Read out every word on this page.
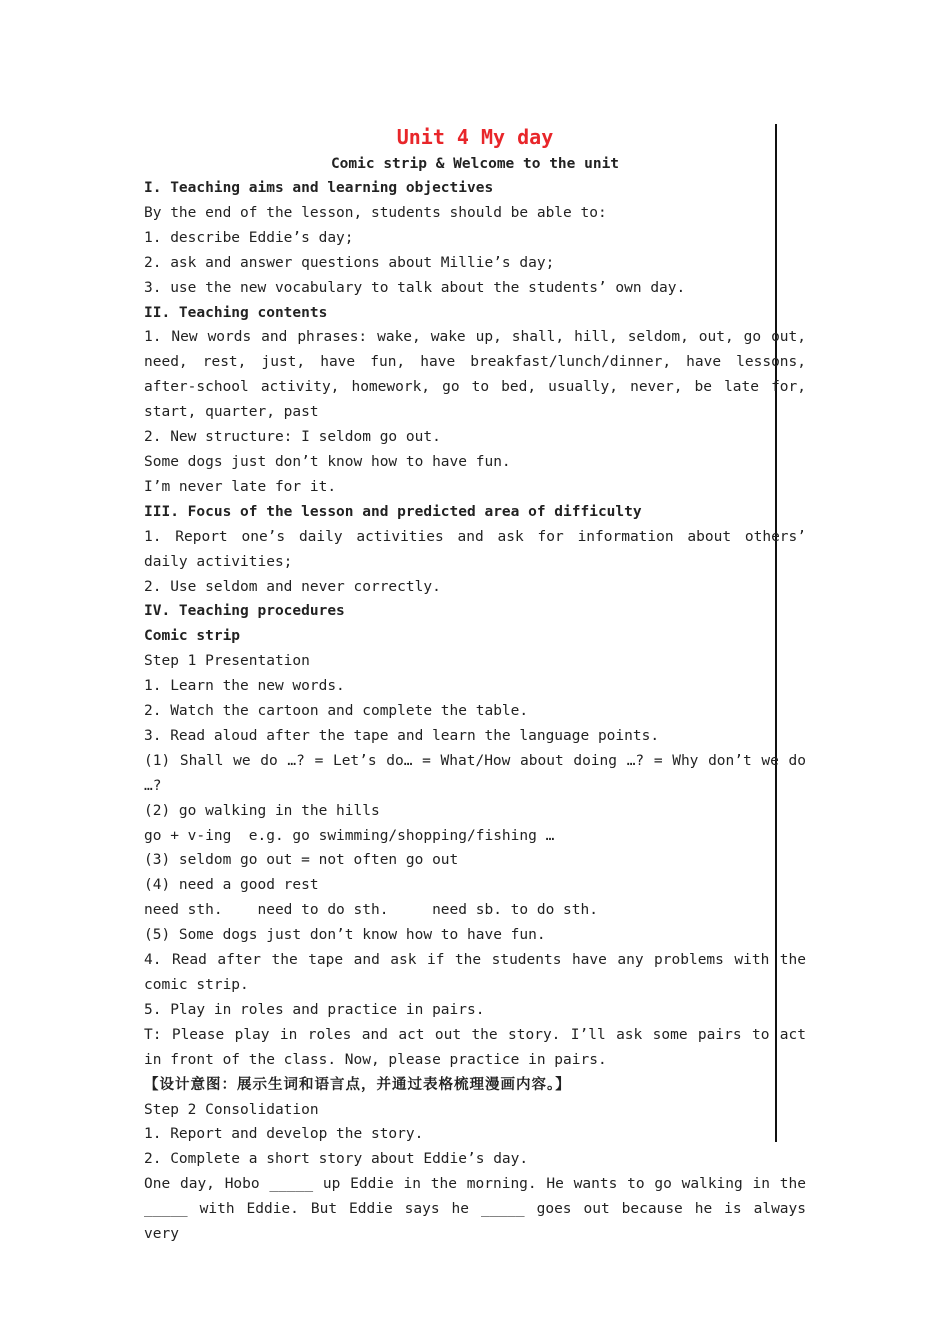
Unit 4 My day
Comic strip & Welcome to the unit

I. Teaching aims and learning objectives

By the end of the lesson, students should be able to:

1. describe Eddie’s day;

2. ask and answer questions about Millie’s day;

3. use the new vocabulary to talk about the students’ own day.

II. Teaching contents

1. New words and phrases: wake, wake up, shall, hill, seldom, out, go out, need, rest, just, have fun, have breakfast/lunch/dinner, have lessons, after-school activity, homework, go to bed, usually, never, be late for, start, quarter, past

2. New structure: I seldom go out.

Some dogs just don’t know how to have fun.

I’m never late for it.

III. Focus of the lesson and predicted area of difficulty

1. Report one’s daily activities and ask for information about others’ daily activities;

2. Use seldom and never correctly.

IV. Teaching procedures

Comic strip

Step 1 Presentation

1. Learn the new words.

2. Watch the cartoon and complete the table.

3. Read aloud after the tape and learn the language points.

(1) Shall we do …? = Let’s do… = What/How about doing …? = Why don’t we do …?

(2) go walking in the hills

go + v-ing  e.g. go swimming/shopping/fishing …

(3) seldom go out = not often go out

(4) need a good rest

need sth.    need to do sth.     need sb. to do sth.

(5) Some dogs just don’t know how to have fun.

4. Read after the tape and ask if the students have any problems with the comic strip.

5. Play in roles and practice in pairs.

T: Please play in roles and act out the story. I’ll ask some pairs to act in front of the class. Now, please practice in pairs.

【设计意图：展示生词和语言点，并通过表格梳理漫画内容。】

Step 2 Consolidation

1. Report and develop the story.

2. Complete a short story about Eddie’s day.

One day, Hobo _____ up Eddie in the morning. He wants to go walking in the _____ with Eddie. But Eddie says he _____ goes out because he is always very
